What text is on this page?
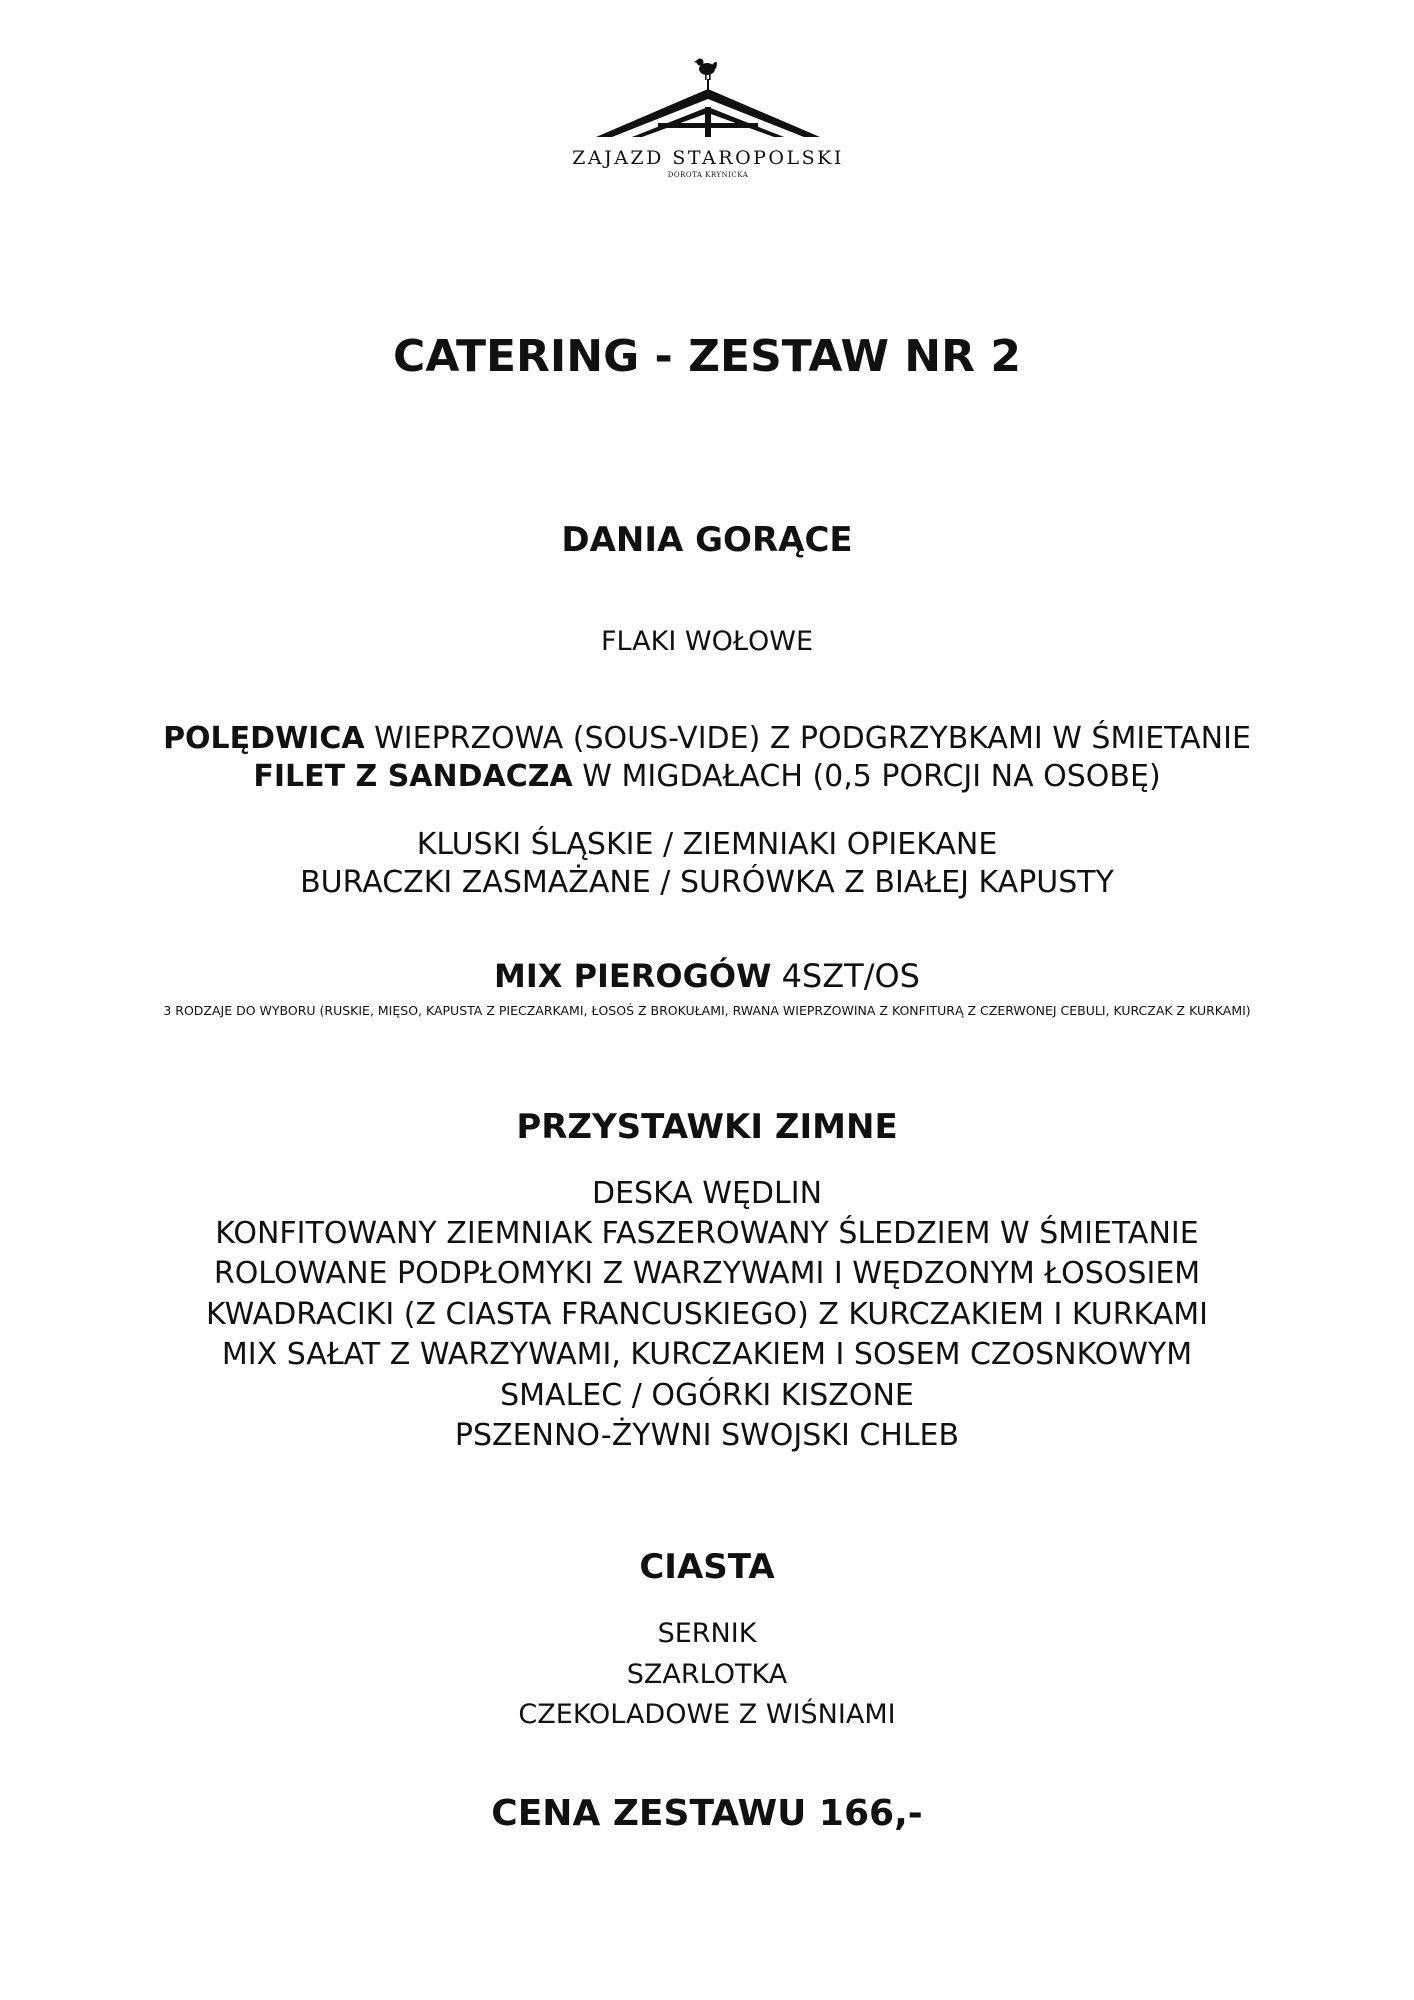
ZAJAZD STAROPOLSKI
DOROTA KRYNICKA
CATERING - ZESTAW NR 2
DANIA GORĄCE
FLAKI WOŁOWE
POLĘDWICA WIEPRZOWA (SOUS-VIDE) Z PODGRZYBKAMI W ŚMIETANIE
FILET Z SANDACZA W MIGDAŁACH (0,5 PORCJI NA OSOBĘ)
KLUSKI ŚLĄSKIE / ZIEMNIAKI OPIEKANE
BURACZKI ZASMAŻANE / SURÓWKA Z BIAŁEJ KAPUSTY
MIX PIEROGÓW 4SZT/OS
3 RODZAJE DO WYBORU (RUSKIE, MIĘSO, KAPUSTA Z PIECZARKAMI, ŁOSOŚ Z BROKUŁAMI, RWANA WIEPRZOWINA Z KONFITURĄ Z CZERWONEJ CEBULI, KURCZAK Z KURKAMI)
PRZYSTAWKI ZIMNE
DESKA WĘDLIN
KONFITOWANY ZIEMNIAK FASZEROWANY ŚLEDZIEM W ŚMIETANIE
ROLOWANE PODPŁOMYKI Z WARZYWAMI I WĘDZONYM ŁOSOSIEM
KWADRACIKI (Z CIASTA FRANCUSKIEGO) Z KURCZAKIEM I KURKAMI
MIX SAŁAT Z WARZYWAMI, KURCZAKIEM I SOSEM CZOSNKOWYM
SMALEC / OGÓRKI KISZONE
PSZENNO-ŻYWNI SWOJSKI CHLEB
CIASTA
SERNIK
SZARLOTKA
CZEKOLADOWE Z WIŚNIAMI
CENA ZESTAWU 166,-
